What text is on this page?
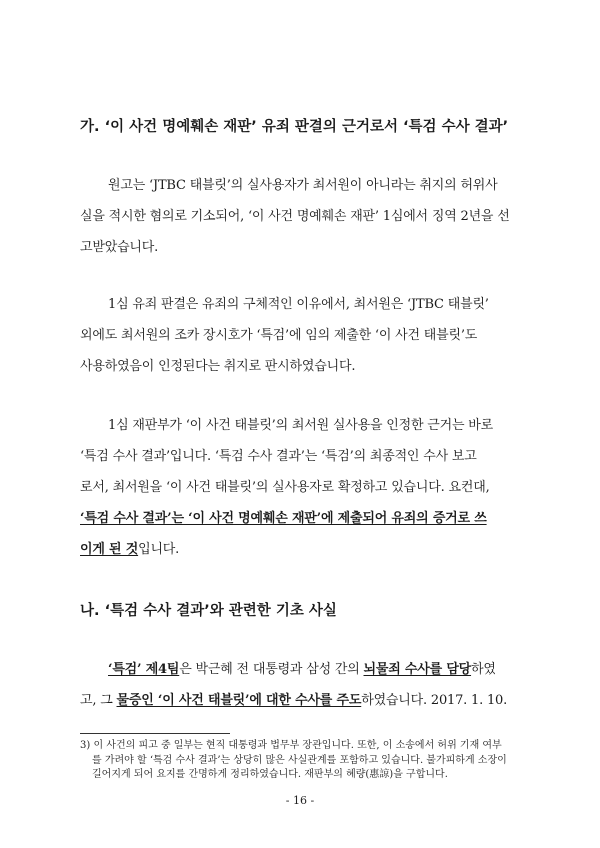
가. ‘이 사건 명예훼손 재판’ 유죄 판결의 근거로서 ‘특검 수사 결과’
원고는 ‘JTBC 태블릿’의 실사용자가 최서원이 아니라는 취지의 허위사
실을 적시한 혐의로 기소되어, ‘이 사건 명예훼손 재판’ 1심에서 징역 2년을 선
고받았습니다.
1심 유죄 판결은 유죄의 구체적인 이유에서, 최서원은 ‘JTBC 태블릿’
외에도 최서원의 조카 장시호가 ‘특검’에 임의 제출한 ‘이 사건 태블릿’도
사용하였음이 인정된다는 취지로 판시하였습니다.
1심 재판부가 ‘이 사건 태블릿’의 최서원 실사용을 인정한 근거는 바로
‘특검 수사 결과’입니다. ‘특검 수사 결과’는 ‘특검’의 최종적인 수사 보고
로서, 최서원을 ‘이 사건 태블릿’의 실사용자로 확정하고 있습니다. 요컨대,
‘특검 수사 결과’는 ‘이 사건 명예훼손 재판’에 제출되어 유죄의 증거로 쓰
이게 된 것입니다.
나. ‘특검 수사 결과’와 관련한 기초 사실
‘특검’ 제4팀은 박근혜 전 대통령과 삼성 간의 뇌물죄 수사를 담당하였
고, 그 물증인 ‘이 사건 태블릿’에 대한 수사를 주도하였습니다. 2017. 1. 10.
3) 이 사건의 피고 중 일부는 현직 대통령과 법무부 장관입니다. 또한, 이 소송에서 허위 기재 여부
를 가려야 할 ‘특검 수사 결과’는 상당히 많은 사실관계를 포함하고 있습니다. 불가피하게 소장이
길어지게 되어 요지를 간명하게 정리하였습니다. 재판부의 혜량(惠諒)을 구합니다.
- 16 -
